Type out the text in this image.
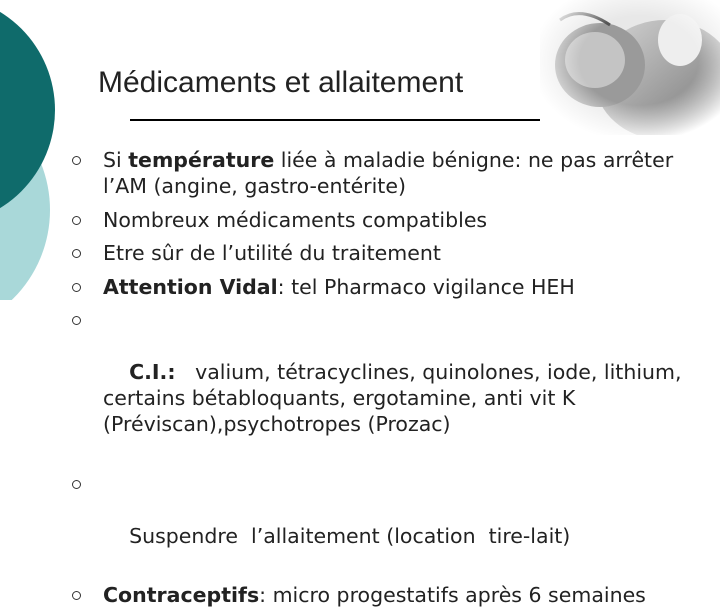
Médicaments et allaitement
Si température liée à maladie bénigne: ne pas arrêter l’AM (angine, gastro-entérite)
Nombreux médicaments compatibles
Etre sûr de l’utilité du traitement
Attention Vidal: tel Pharmaco vigilance HEH

C.I.:   valium, tétracyclines, quinolones, iode, lithium, certains bétabloquants, ergotamine, anti vit K (Préviscan),psychotropes (Prozac)

Suspendre  l’allaitement (location  tire-lait)

Contraceptifs: micro progestatifs après 6 semaines
